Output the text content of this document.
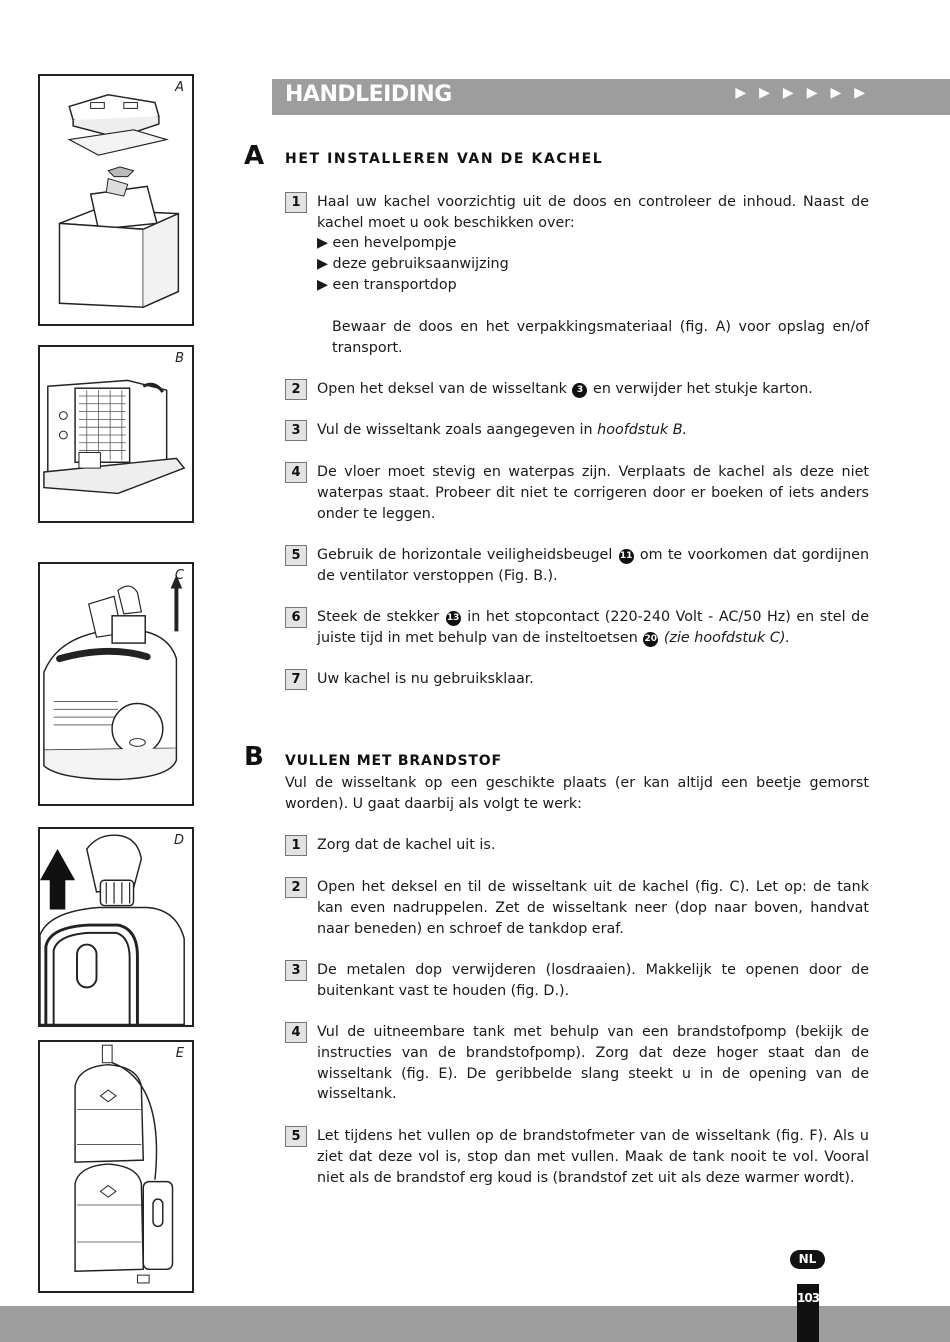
A
B
C
D
E
HANDLEIDING	▶▶▶▶▶▶
A HET INSTALLEREN VAN DE KACHEL
1	Haal uw kachel voorzichtig uit de doos en controleer de inhoud. Naast de kachel moet u ook beschikken over:
▶ een hevelpompje
▶ deze gebruiksaanwijzing
▶ een transportdop
Bewaar de doos en het verpakkingsmateriaal (fig. A) voor opslag en/of transport.
2	Open het deksel van de wisseltank 3 en verwijder het stukje karton.
3	Vul de wisseltank zoals aangegeven in hoofdstuk B.
4	De vloer moet stevig en waterpas zijn. Verplaats de kachel als deze niet waterpas staat. Probeer dit niet te corrigeren door er boeken of iets anders onder te leggen.
5	Gebruik de horizontale veiligheidsbeugel 11 om te voorkomen dat gordijnen de ventilator verstoppen (Fig. B.).
6	Steek de stekker 13 in het stopcontact (220-240 Volt - AC/50 Hz) en stel de juiste tijd in met behulp van de insteltoetsen 20 (zie hoofdstuk C).
7	Uw kachel is nu gebruiksklaar.
B VULLEN MET BRANDSTOF
Vul de wisseltank op een geschikte plaats (er kan altijd een beetje gemorst worden). U gaat daarbij als volgt te werk:
1	Zorg dat de kachel uit is.
2	Open het deksel en til de wisseltank uit de kachel (fig. C). Let op: de tank kan even nadruppelen. Zet de wisseltank neer (dop naar boven, handvat naar beneden) en schroef de tankdop eraf.
3	De metalen dop verwijderen (losdraaien). Makkelijk te openen door de buitenkant vast te houden (fig. D.).
4	Vul de uitneembare tank met behulp van een brandstofpomp (bekijk de instructies van de brandstofpomp). Zorg dat deze hoger staat dan de wisseltank (fig. E). De geribbelde slang steekt u in de opening van de wisseltank.
5	Let tijdens het vullen op de brandstofmeter van de wisseltank (fig. F). Als u ziet dat deze vol is, stop dan met vullen. Maak de tank nooit te vol. Vooral niet als de brandstof erg koud is (brandstof zet uit als deze warmer wordt).
NL
103
